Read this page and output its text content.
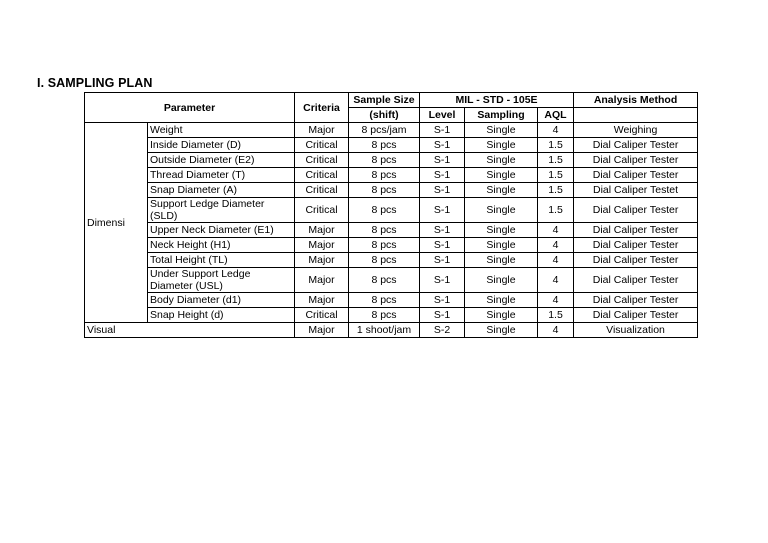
I. SAMPLING PLAN
Parameter		Criteria	Sample Size	MIL - STD - 105E			Analysis Method
			(shift)	Level	Sampling	AQL	
Dimensi	Weight	Major	8 pcs/jam	S-1	Single	4	Weighing
	Inside Diameter (D)	Critical	8 pcs	S-1	Single	1.5	Dial Caliper Tester
	Outside Diameter (E2)	Critical	8 pcs	S-1	Single	1.5	Dial Caliper Tester
	Thread Diameter (T)	Critical	8 pcs	S-1	Single	1.5	Dial Caliper Tester
	Snap Diameter (A)	Critical	8 pcs	S-1	Single	1.5	Dial Caliper Testet
	Support Ledge Diameter (SLD)	Critical	8 pcs	S-1	Single	1.5	Dial Caliper Tester
	Upper Neck Diameter (E1)	Major	8 pcs	S-1	Single	4	Dial Caliper Tester
	Neck Height (H1)	Major	8 pcs	S-1	Single	4	Dial Caliper Tester
	Total Height (TL)	Major	8 pcs	S-1	Single	4	Dial Caliper Tester
	Under Support Ledge Diameter (USL)	Major	8 pcs	S-1	Single	4	Dial Caliper Tester
	Body Diameter (d1)	Major	8 pcs	S-1	Single	4	Dial Caliper Tester
	Snap Height (d)	Critical	8 pcs	S-1	Single	1.5	Dial Caliper Tester
Visual		Major	1 shoot/jam	S-2	Single	4	Visualization
